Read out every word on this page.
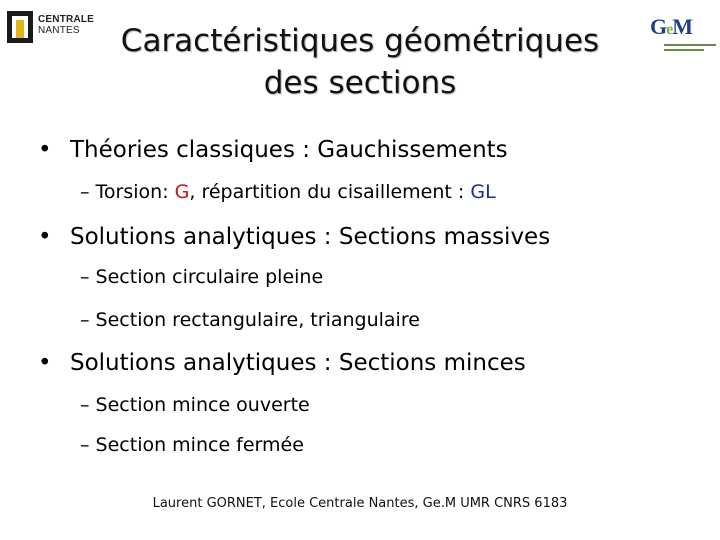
CENTRALE
NANTES	GeM
Caractéristiques géométriques
des sections
• Théories classiques : Gauchissements
– Torsion: G, répartition du cisaillement : GL
• Solutions analytiques : Sections massives
– Section circulaire pleine
– Section rectangulaire, triangulaire
• Solutions analytiques : Sections minces
– Section mince ouverte
– Section mince fermée
Laurent GORNET, Ecole Centrale Nantes, Ge.M UMR CNRS 6183
